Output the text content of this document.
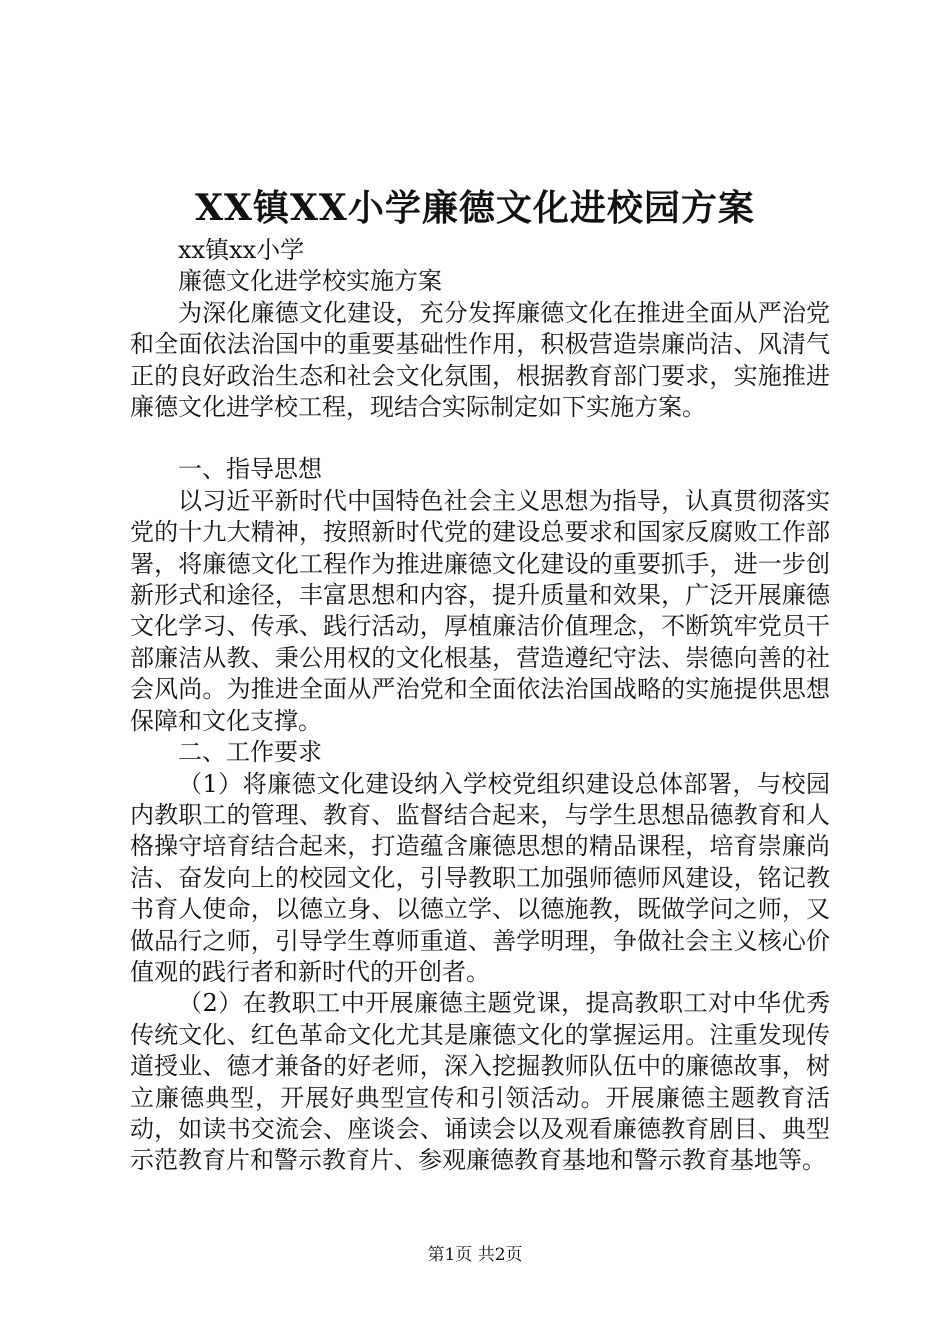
XX镇XX小学廉德文化进校园方案

xx镇xx小学

廉德文化进学校实施方案

为深化廉德文化建设，充分发挥廉德文化在推进全面从严治党和全面依法治国中的重要基础性作用，积极营造崇廉尚洁、风清气正的良好政治生态和社会文化氛围，根据教育部门要求，实施推进廉德文化进学校工程，现结合实际制定如下实施方案。

一、指导思想

以习近平新时代中国特色社会主义思想为指导，认真贯彻落实党的十九大精神，按照新时代党的建设总要求和国家反腐败工作部署，将廉德文化工程作为推进廉德文化建设的重要抓手，进一步创新形式和途径，丰富思想和内容，提升质量和效果，广泛开展廉德文化学习、传承、践行活动，厚植廉洁价值理念，不断筑牢党员干部廉洁从教、秉公用权的文化根基，营造遵纪守法、崇德向善的社会风尚。为推进全面从严治党和全面依法治国战略的实施提供思想保障和文化支撑。

二、工作要求

（1）将廉德文化建设纳入学校党组织建设总体部署，与校园内教职工的管理、教育、监督结合起来，与学生思想品德教育和人格操守培育结合起来，打造蕴含廉德思想的精品课程，培育崇廉尚洁、奋发向上的校园文化，引导教职工加强师德师风建设，铭记教书育人使命，以德立身、以德立学、以德施教，既做学问之师，又做品行之师，引导学生尊师重道、善学明理，争做社会主义核心价值观的践行者和新时代的开创者。

（2）在教职工中开展廉德主题党课，提高教职工对中华优秀传统文化、红色革命文化尤其是廉德文化的掌握运用。注重发现传道授业、德才兼备的好老师，深入挖掘教师队伍中的廉德故事，树立廉德典型，开展好典型宣传和引领活动。开展廉德主题教育活动，如读书交流会、座谈会、诵读会以及观看廉德教育剧目、典型示范教育片和警示教育片、参观廉德教育基地和警示教育基地等。

第1页 共2页
